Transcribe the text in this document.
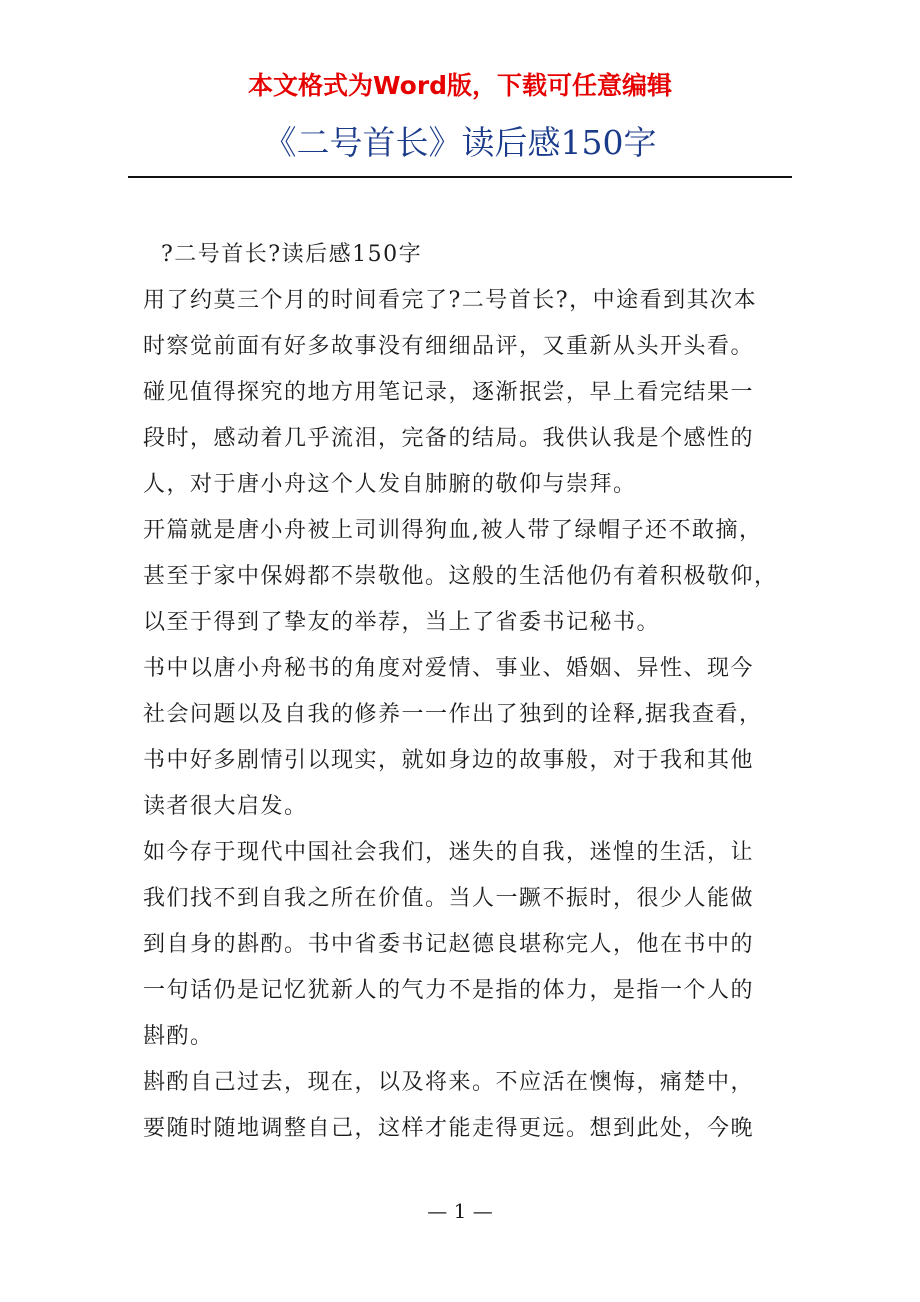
本文格式为Word版，下载可任意编辑
《二号首长》读后感150字
?二号首长?读后感150字
用了约莫三个月的时间看完了?二号首长?，中途看到其次本
时察觉前面有好多故事没有细细品评，又重新从头开头看。
碰见值得探究的地方用笔记录，逐渐抿尝，早上看完结果一
段时，感动着几乎流泪，完备的结局。我供认我是个感性的
人，对于唐小舟这个人发自肺腑的敬仰与崇拜。
开篇就是唐小舟被上司训得狗血,被人带了绿帽子还不敢摘，
甚至于家中保姆都不崇敬他。这般的生活他仍有着积极敬仰，
以至于得到了挚友的举荐，当上了省委书记秘书。
书中以唐小舟秘书的角度对爱情、事业、婚姻、异性、现今
社会问题以及自我的修养一一作出了独到的诠释,据我查看，
书中好多剧情引以现实，就如身边的故事般，对于我和其他
读者很大启发。
如今存于现代中国社会我们，迷失的自我，迷惶的生活，让
我们找不到自我之所在价值。当人一蹶不振时，很少人能做
到自身的斟酌。书中省委书记赵德良堪称完人，他在书中的
一句话仍是记忆犹新人的气力不是指的体力，是指一个人的
斟酌。
斟酌自己过去，现在，以及将来。不应活在懊悔，痛楚中，
要随时随地调整自己，这样才能走得更远。想到此处，今晚
— 1 —
